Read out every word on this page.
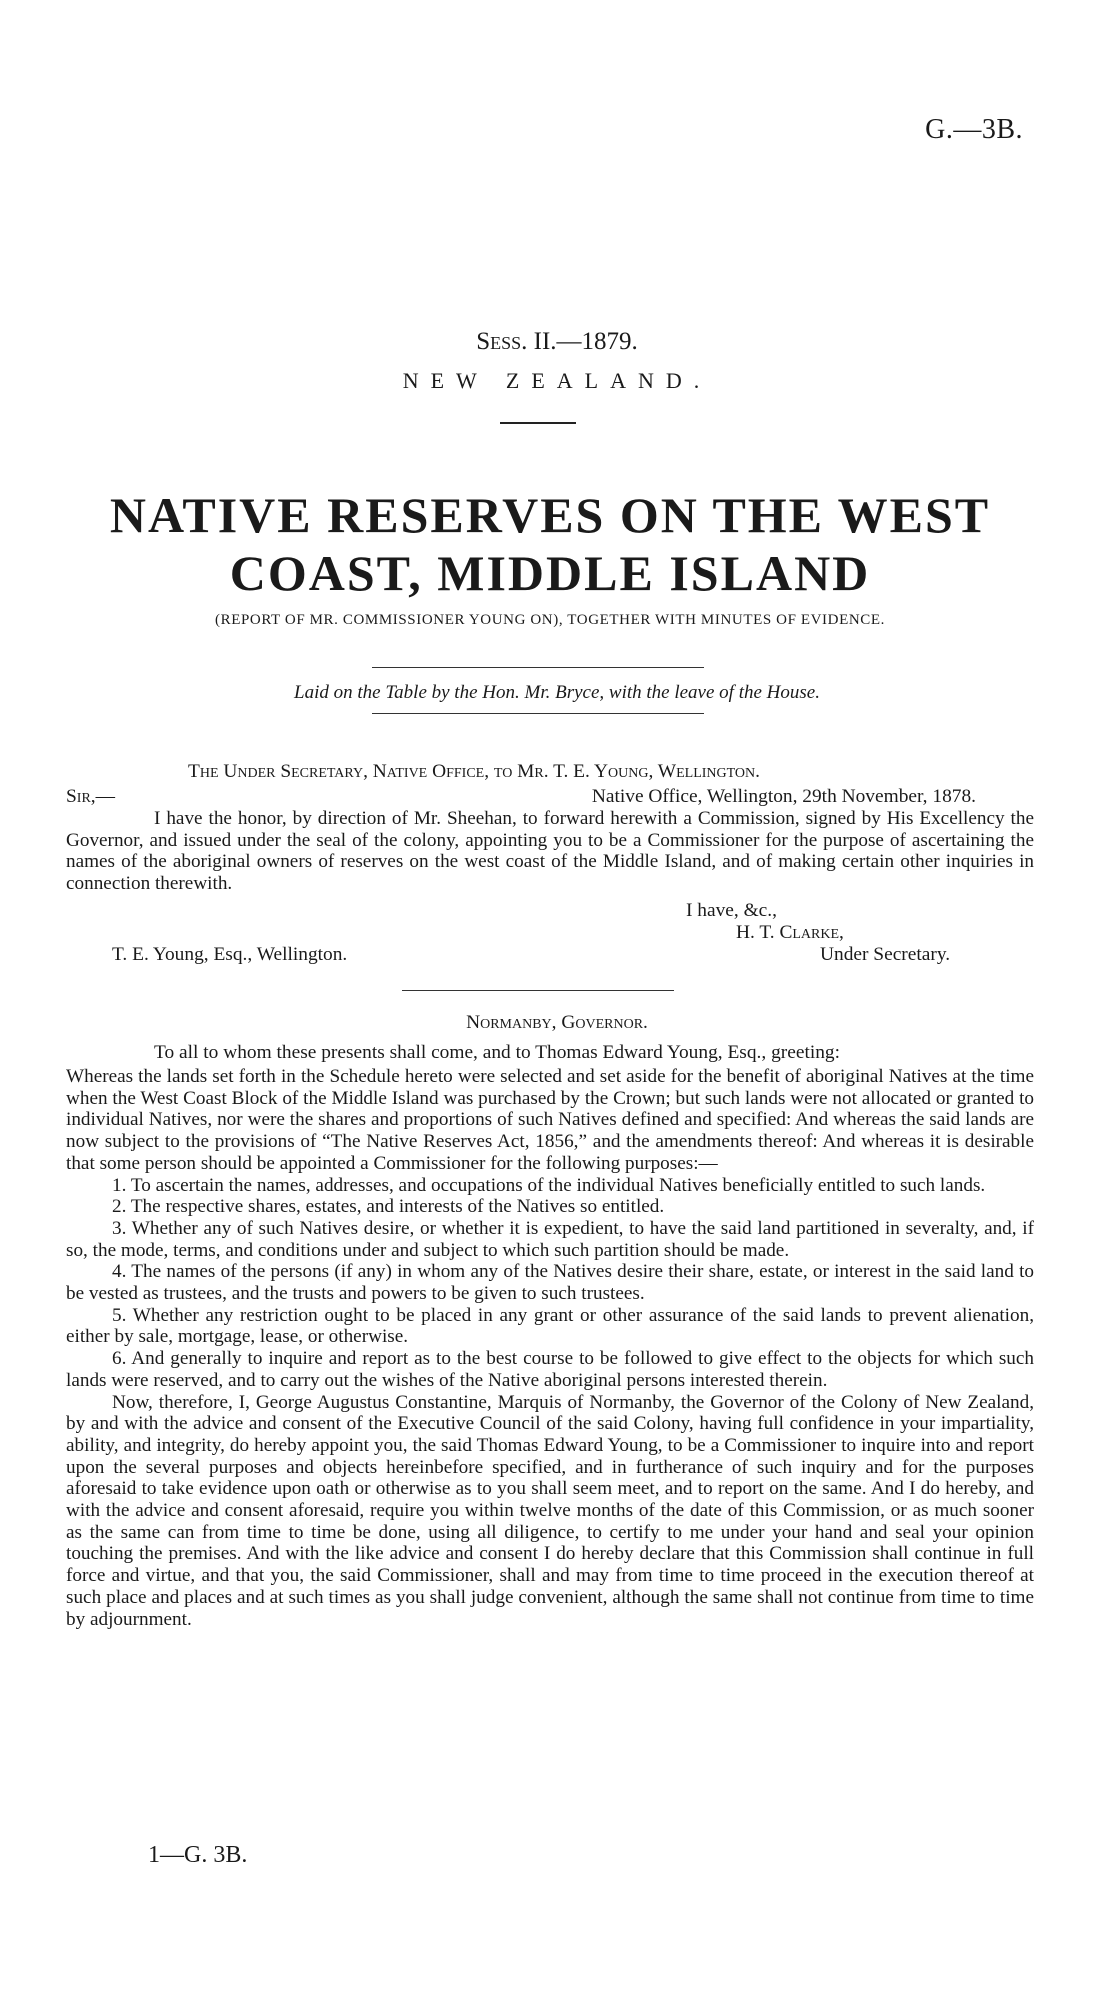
G.—3B.
Sess. II.—1879.
NEW ZEALAND.
NATIVE RESERVES ON THE WEST
COAST, MIDDLE ISLAND
(REPORT OF MR. COMMISSIONER YOUNG ON), TOGETHER WITH MINUTES OF EVIDENCE.
Laid on the Table by the Hon. Mr. Bryce, with the leave of the House.
The Under Secretary, Native Office, to Mr. T. E. Young, Wellington.
Sir,—	Native Office, Wellington, 29th November, 1878.

I have the honor, by direction of Mr. Sheehan, to forward herewith a Commission, signed by His Excellency the Governor, and issued under the seal of the colony, appointing you to be a Commissioner for the purpose of ascertaining the names of the aboriginal owners of reserves on the west coast of the Middle Island, and of making certain other inquiries in connection therewith.

I have, &c.,
H. T. Clarke,
T. E. Young, Esq., Wellington.	Under Secretary.
Normanby, Governor.
To all to whom these presents shall come, and to Thomas Edward Young, Esq., greeting:

Whereas the lands set forth in the Schedule hereto were selected and set aside for the benefit of aboriginal Natives at the time when the West Coast Block of the Middle Island was purchased by the Crown; but such lands were not allocated or granted to individual Natives, nor were the shares and proportions of such Natives defined and specified: And whereas the said lands are now subject to the provisions of “The Native Reserves Act, 1856,” and the amendments thereof: And whereas it is desirable that some person should be appointed a Commissioner for the following purposes:—

1. To ascertain the names, addresses, and occupations of the individual Natives beneficially entitled to such lands.

2. The respective shares, estates, and interests of the Natives so entitled.

3. Whether any of such Natives desire, or whether it is expedient, to have the said land partitioned in severalty, and, if so, the mode, terms, and conditions under and subject to which such partition should be made.

4. The names of the persons (if any) in whom any of the Natives desire their share, estate, or interest in the said land to be vested as trustees, and the trusts and powers to be given to such trustees.

5. Whether any restriction ought to be placed in any grant or other assurance of the said lands to prevent alienation, either by sale, mortgage, lease, or otherwise.

6. And generally to inquire and report as to the best course to be followed to give effect to the objects for which such lands were reserved, and to carry out the wishes of the Native aboriginal persons interested therein.

Now, therefore, I, George Augustus Constantine, Marquis of Normanby, the Governor of the Colony of New Zealand, by and with the advice and consent of the Executive Council of the said Colony, having full confidence in your impartiality, ability, and integrity, do hereby appoint you, the said Thomas Edward Young, to be a Commissioner to inquire into and report upon the several purposes and objects hereinbefore specified, and in furtherance of such inquiry and for the purposes aforesaid to take evidence upon oath or otherwise as to you shall seem meet, and to report on the same. And I do hereby, and with the advice and consent aforesaid, require you within twelve months of the date of this Commission, or as much sooner as the same can from time to time be done, using all diligence, to certify to me under your hand and seal your opinion touching the premises. And with the like advice and consent I do hereby declare that this Commission shall continue in full force and virtue, and that you, the said Commissioner, shall and may from time to time proceed in the execution thereof at such place and places and at such times as you shall judge convenient, although the same shall not continue from time to time by adjournment.

1—G. 3B.
